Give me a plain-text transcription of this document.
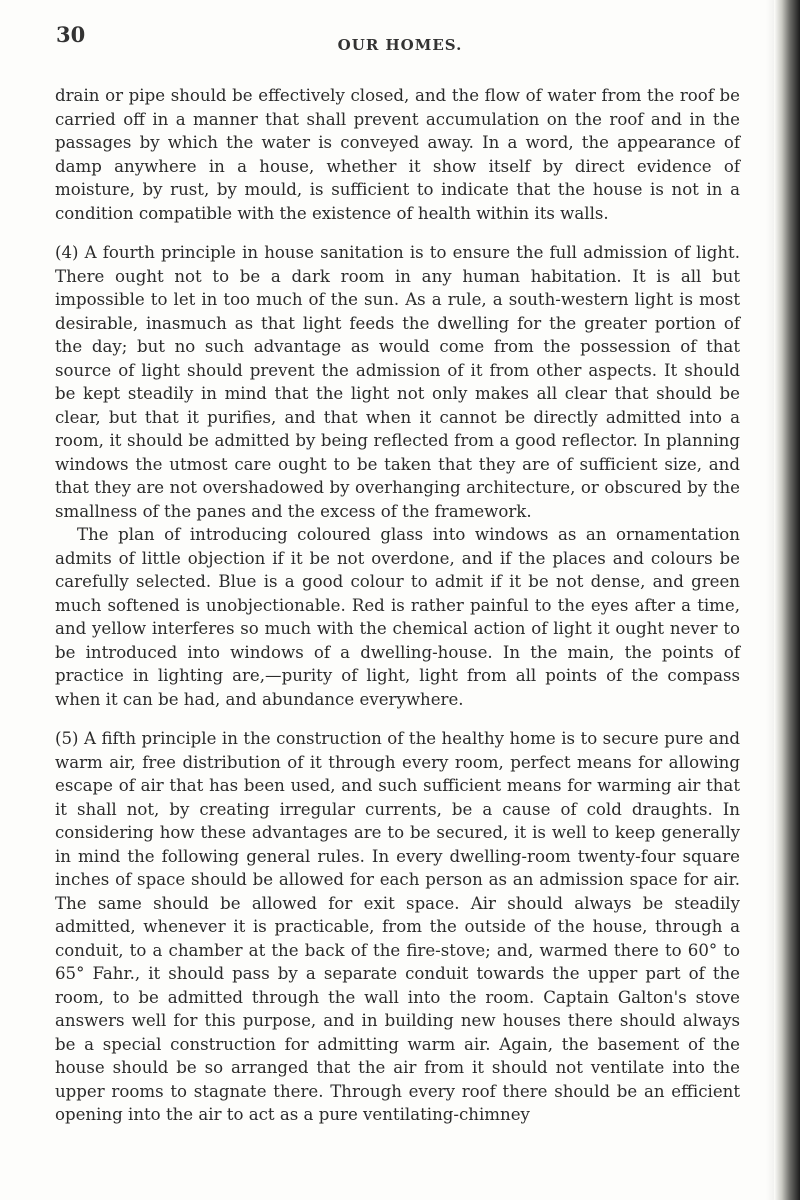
30	OUR HOMES.

drain or pipe should be effectively closed, and the flow of water from the roof be carried off in a manner that shall prevent accumulation on the roof and in the passages by which the water is conveyed away. In a word, the appearance of damp anywhere in a house, whether it show itself by direct evidence of moisture, by rust, by mould, is sufficient to indicate that the house is not in a condition compatible with the existence of health within its walls.

(4) A fourth principle in house sanitation is to ensure the full admission of light. There ought not to be a dark room in any human habitation. It is all but impossible to let in too much of the sun. As a rule, a south-western light is most desirable, inasmuch as that light feeds the dwelling for the greater portion of the day; but no such advantage as would come from the possession of that source of light should prevent the admission of it from other aspects. It should be kept steadily in mind that the light not only makes all clear that should be clear, but that it purifies, and that when it cannot be directly admitted into a room, it should be admitted by being reflected from a good reflector. In planning windows the utmost care ought to be taken that they are of sufficient size, and that they are not overshadowed by overhanging architecture, or obscured by the smallness of the panes and the excess of the framework.

The plan of introducing coloured glass into windows as an ornamentation admits of little objection if it be not overdone, and if the places and colours be carefully selected. Blue is a good colour to admit if it be not dense, and green much softened is unobjectionable. Red is rather painful to the eyes after a time, and yellow interferes so much with the chemical action of light it ought never to be introduced into windows of a dwelling-house. In the main, the points of practice in lighting are,—purity of light, light from all points of the compass when it can be had, and abundance everywhere.

(5) A fifth principle in the construction of the healthy home is to secure pure and warm air, free distribution of it through every room, perfect means for allowing escape of air that has been used, and such sufficient means for warming air that it shall not, by creating irregular currents, be a cause of cold draughts. In considering how these advantages are to be secured, it is well to keep generally in mind the following general rules. In every dwelling-room twenty-four square inches of space should be allowed for each person as an admission space for air. The same should be allowed for exit space. Air should always be steadily admitted, whenever it is practicable, from the outside of the house, through a conduit, to a chamber at the back of the fire-stove; and, warmed there to 60° to 65° Fahr., it should pass by a separate conduit towards the upper part of the room, to be admitted through the wall into the room. Captain Galton's stove answers well for this purpose, and in building new houses there should always be a special construction for admitting warm air. Again, the basement of the house should be so arranged that the air from it should not ventilate into the upper rooms to stagnate there. Through every roof there should be an efficient opening into the air to act as a pure ventilating-chimney
